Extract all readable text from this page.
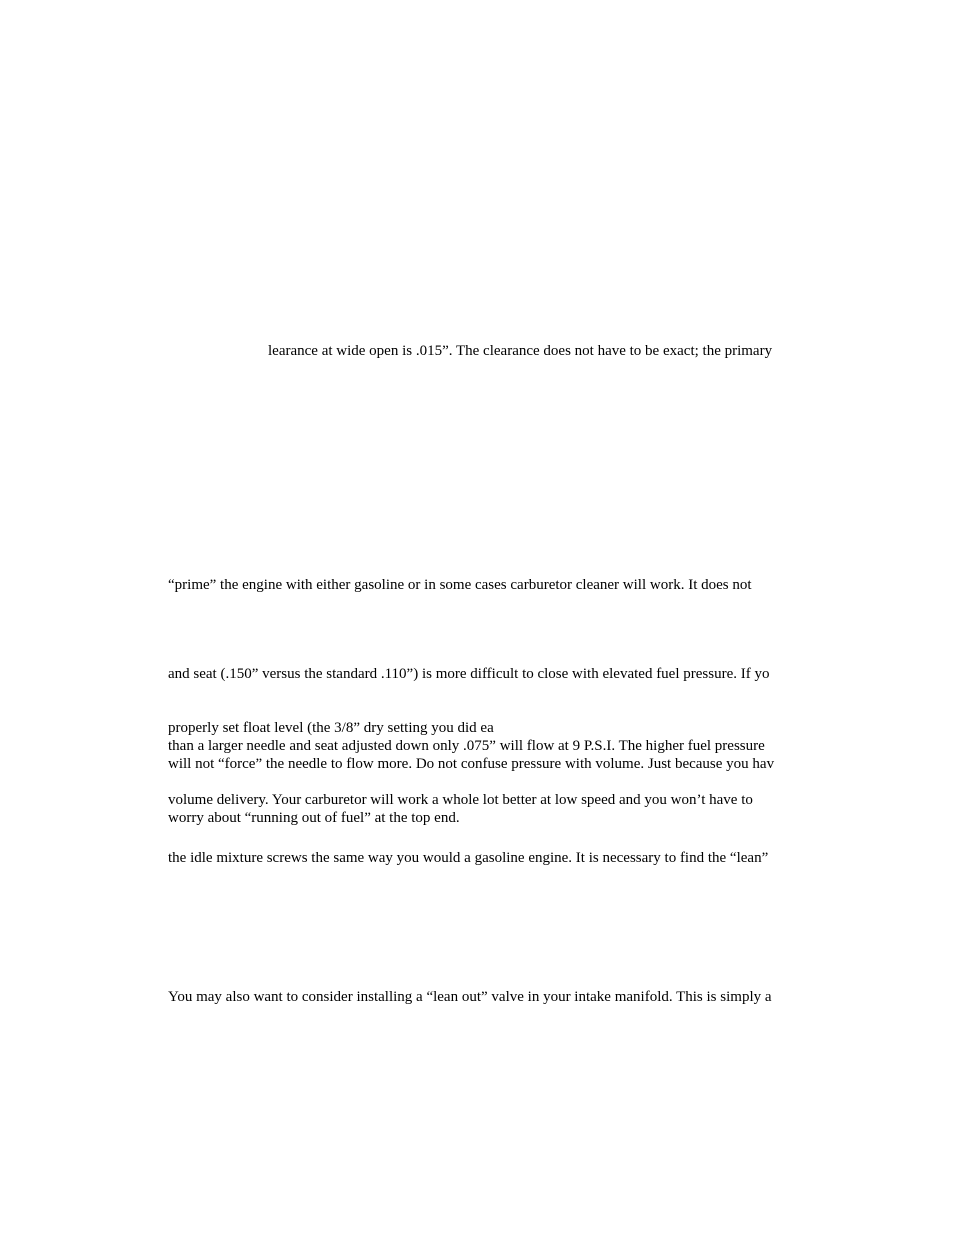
learance at wide open is .015”. The clearance does not have to be exact; the primary

“prime” the engine with either gasoline or in some cases carburetor cleaner will work. It does not

and seat (.150” versus the standard .110”) is more difficult to close with elevated fuel pressure. If yo

properly set float level (the 3/8” dry setting you did ea

than a larger needle and seat adjusted down only .075” will flow at 9 P.S.I. The higher fuel pressure

will not “force” the needle to flow more. Do not confuse pressure with volume. Just because you hav

volume delivery. Your carburetor will work a whole lot better at low speed and you won’t have to

worry about “running out of fuel” at the top end.

the idle mixture screws the same way you would a gasoline engine. It is necessary to find the “lean”

You may also want to consider installing a “lean out” valve in your intake manifold. This is simply a
